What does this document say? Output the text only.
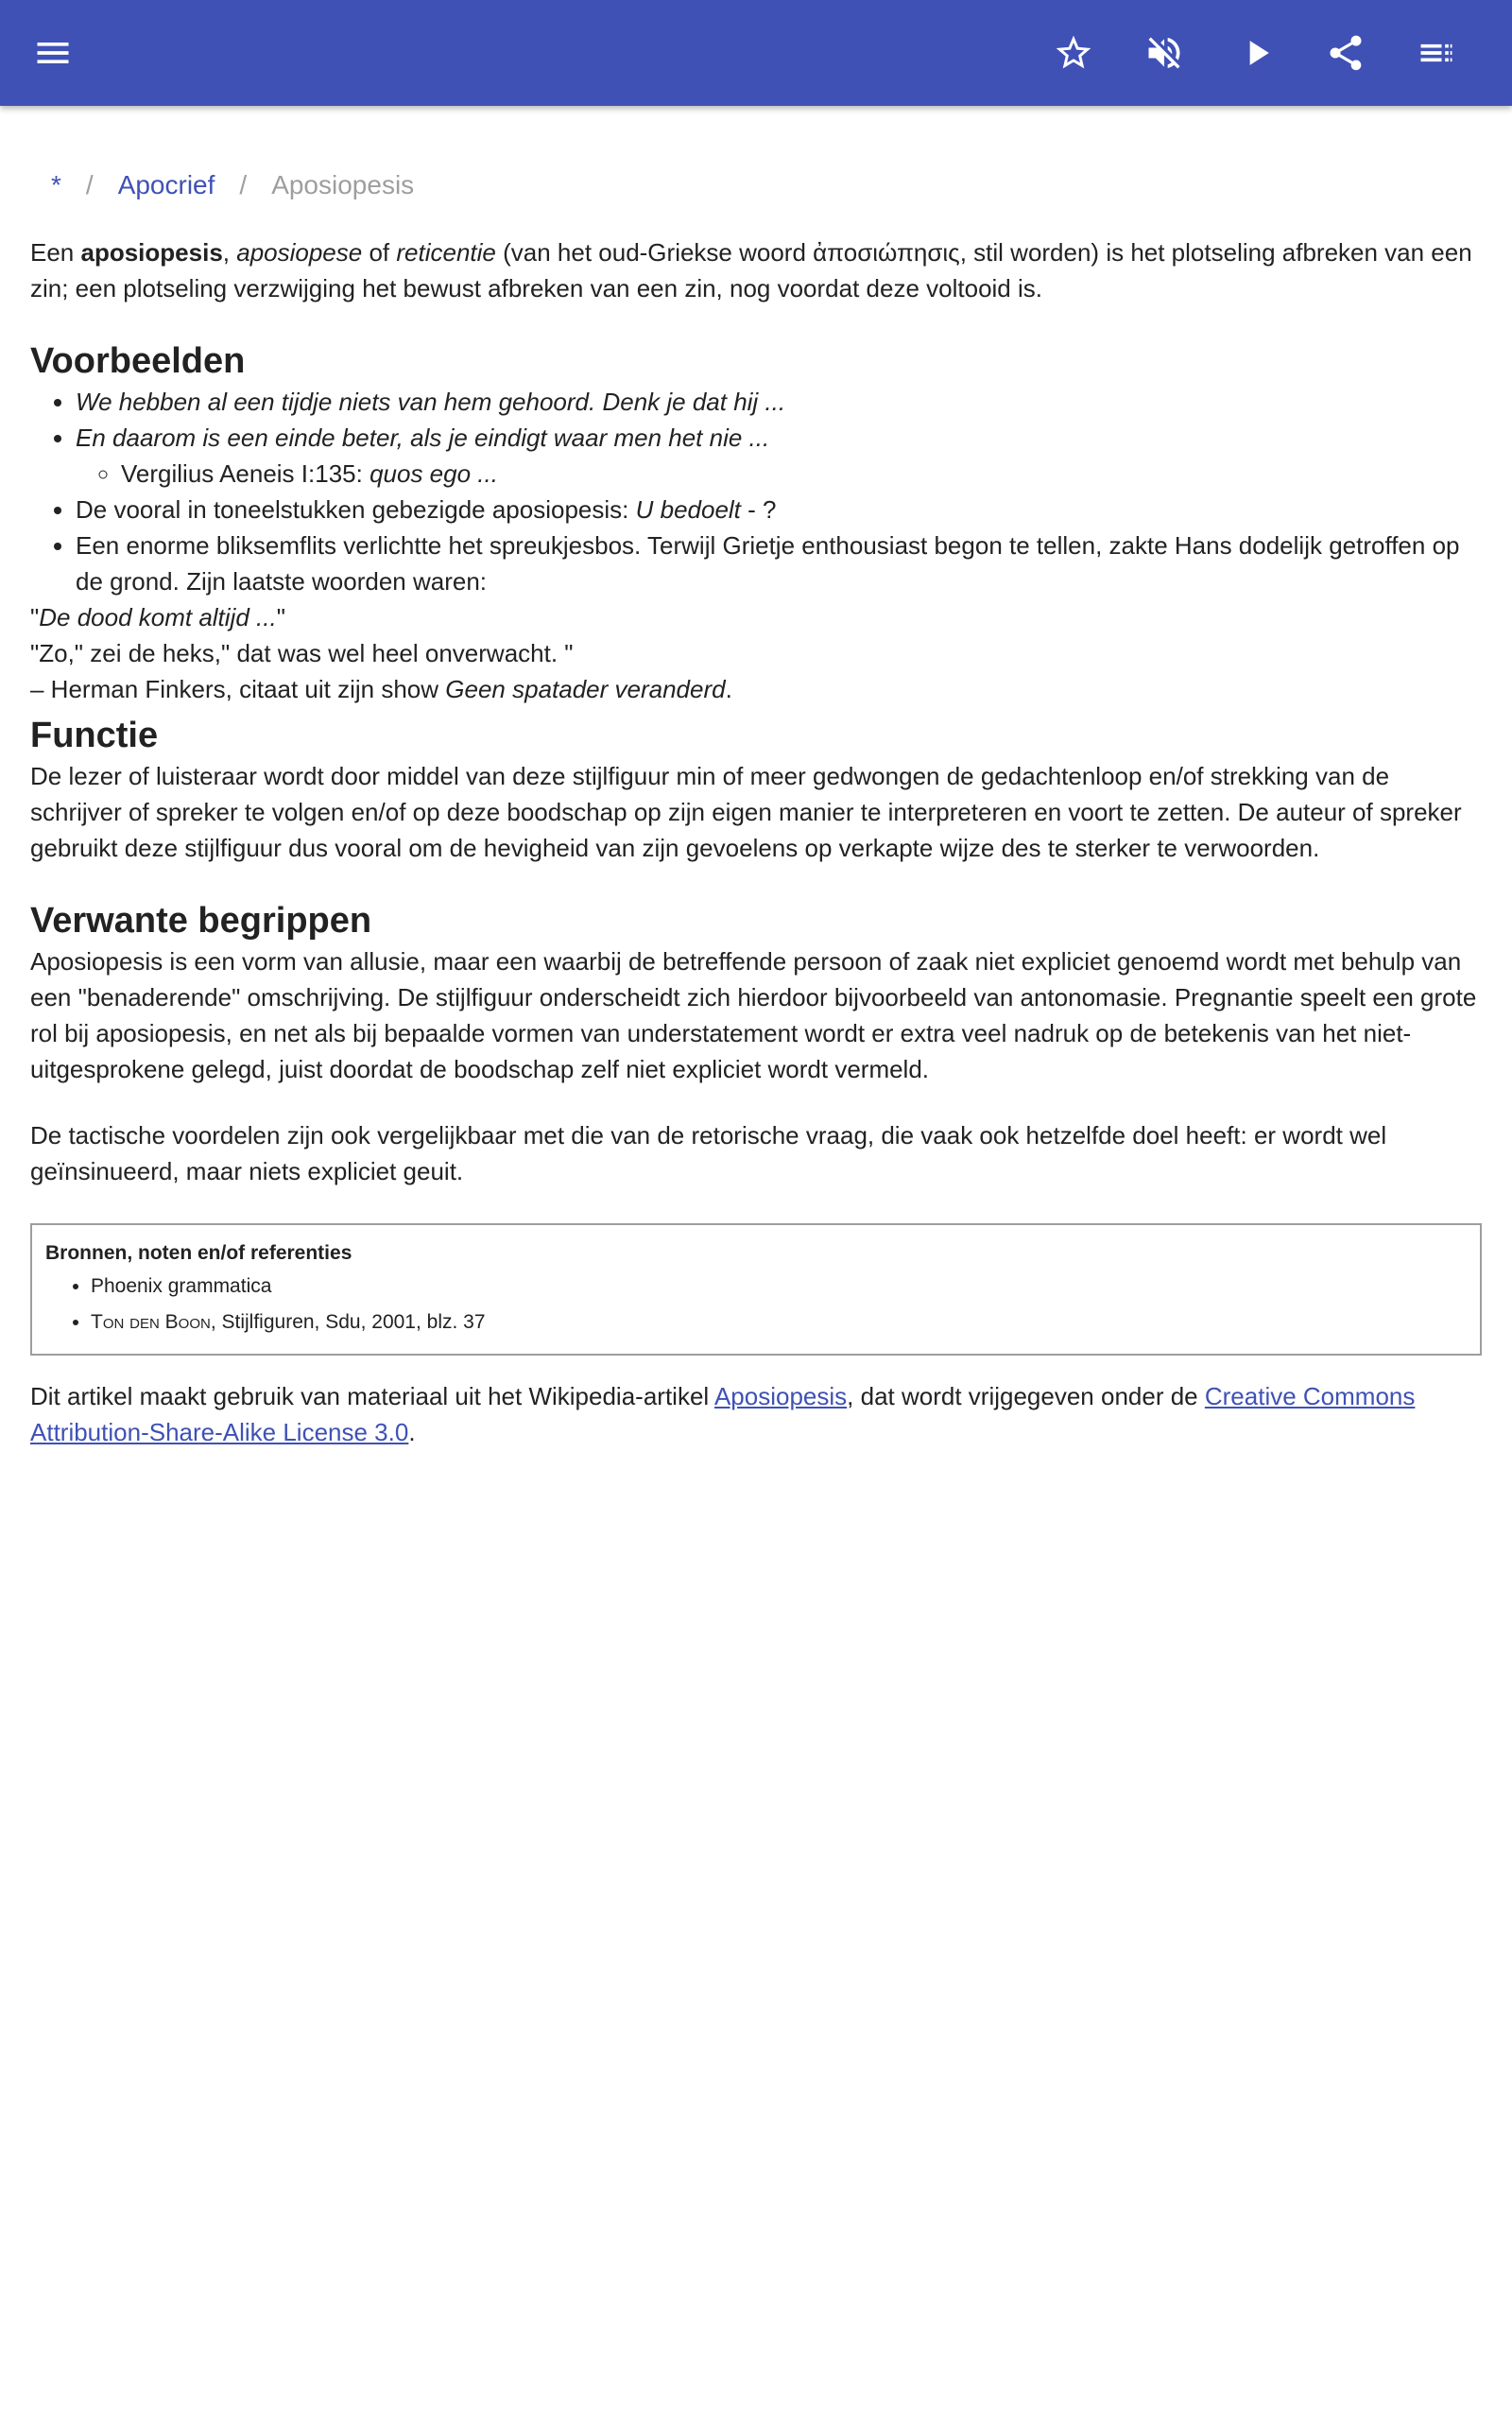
* / Apocrief / Aposiopesis

Een aposiopesis, aposiopese of reticentie (van het oud-Griekse woord ἀποσιώπησις, stil worden) is het plotseling afbreken van een zin; een plotseling verzwijging het bewust afbreken van een zin, nog voordat deze voltooid is.

Voorbeelden
• We hebben al een tijdje niets van hem gehoord. Denk je dat hij ...
• En daarom is een einde beter, als je eindigt waar men het nie ...
◦ Vergilius Aeneis I:135: quos ego ...
• De vooral in toneelstukken gebezigde aposiopesis: U bedoelt - ?
• Een enorme bliksemflits verlichtte het spreukjesbos. Terwijl Grietje enthousiast begon te tellen, zakte Hans dodelijk getroffen op de grond. Zijn laatste woorden waren:

"De dood komt altijd ..."

"Zo," zei de heks," dat was wel heel onverwacht. "

– Herman Finkers, citaat uit zijn show Geen spatader veranderd.

Functie

De lezer of luisteraar wordt door middel van deze stijlfiguur min of meer gedwongen de gedachtenloop en/of strekking van de schrijver of spreker te volgen en/of op deze boodschap op zijn eigen manier te interpreteren en voort te zetten. De auteur of spreker gebruikt deze stijlfiguur dus vooral om de hevigheid van zijn gevoelens op verkapte wijze des te sterker te verwoorden.

Verwante begrippen

Aposiopesis is een vorm van allusie, maar een waarbij de betreffende persoon of zaak niet expliciet genoemd wordt met behulp van een "benaderende" omschrijving. De stijlfiguur onderscheidt zich hierdoor bijvoorbeeld van antonomasie. Pregnantie speelt een grote rol bij aposiopesis, en net als bij bepaalde vormen van understatement wordt er extra veel nadruk op de betekenis van het niet-uitgesprokene gelegd, juist doordat de boodschap zelf niet expliciet wordt vermeld.

De tactische voordelen zijn ook vergelijkbaar met die van de retorische vraag, die vaak ook hetzelfde doel heeft: er wordt wel geïnsinueerd, maar niets expliciet geuit.

Bronnen, noten en/of referenties
• Phoenix grammatica
• Ton den Boon, Stijlfiguren, Sdu, 2001, blz. 37

Dit artikel maakt gebruik van materiaal uit het Wikipedia-artikel Aposiopesis, dat wordt vrijgegeven onder de Creative Commons Attribution-Share-Alike License 3.0.
